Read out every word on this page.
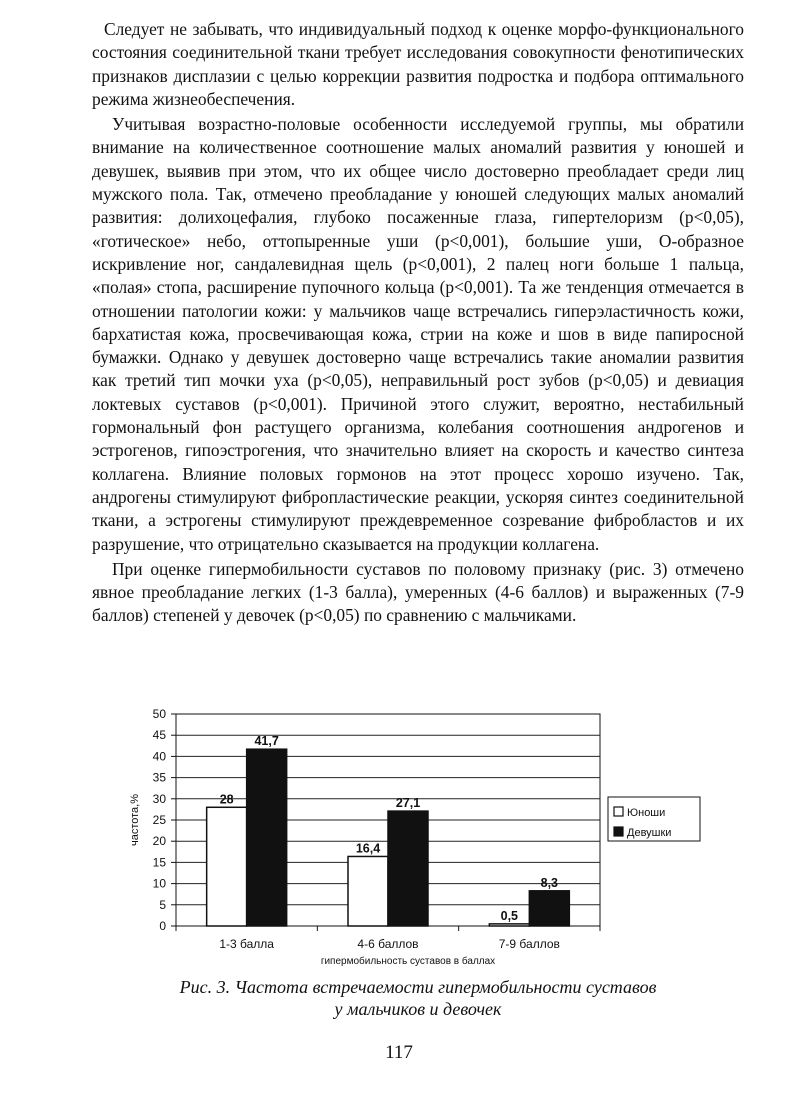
Следует не забывать, что индивидуальный подход к оценке морфо-функционального состояния соединительной ткани требует исследования совокупности фенотипических признаков дисплазии с целью коррекции развития подростка и подбора оптимального режима жизнеобеспечения.

Учитывая возрастно-половые особенности исследуемой группы, мы обратили внимание на количественное соотношение малых аномалий развития у юношей и девушек, выявив при этом, что их общее число достоверно преобладает среди лиц мужского пола. Так, отмечено преобладание у юношей следующих малых аномалий развития: долихоцефалия, глубоко посаженные глаза, гипертелоризм (p<0,05), «готическое» небо, оттопыренные уши (p<0,001), большие уши, О-образное искривление ног, сандалевидная щель (p<0,001), 2 палец ноги больше 1 пальца, «полая» стопа, расширение пупочного кольца (p<0,001). Та же тенденция отмечается в отношении патологии кожи: у мальчиков чаще встречались гиперэластичность кожи, бархатистая кожа, просвечивающая кожа, стрии на коже и шов в виде папиросной бумажки. Однако у девушек достоверно чаще встречались такие аномалии развития как третий тип мочки уха (p<0,05), неправильный рост зубов (p<0,05) и девиация локтевых суставов (p<0,001). Причиной этого служит, вероятно, нестабильный гормональный фон растущего организма, колебания соотношения андрогенов и эстрогенов, гипоэстрогения, что значительно влияет на скорость и качество синтеза коллагена. Влияние половых гормонов на этот процесс хорошо изучено. Так, андрогены стимулируют фибропластические реакции, ускоряя синтез соединительной ткани, а эстрогены стимулируют преждевременное созревание фибробластов и их разрушение, что отрицательно сказывается на продукции коллагена.

При оценке гипермобильности суставов по половому признаку (рис. 3) отмечено явное преобладание легких (1-3 балла), умеренных (4-6 баллов) и выраженных (7-9 баллов) степеней у девочек (p<0,05) по сравнению с мальчиками.

0
5
10
15
20
25
30
35
40
45
50
частота,%	28
41,7
1-3 балла
16,4
27,1
4-6 баллов
0,5
8,3
7-9 баллов
гипермобильность суставов в баллах
Юноши
Девушки
Рис. 3. Частота встречаемости гипермобильности суставов
у мальчиков и девочек
117
